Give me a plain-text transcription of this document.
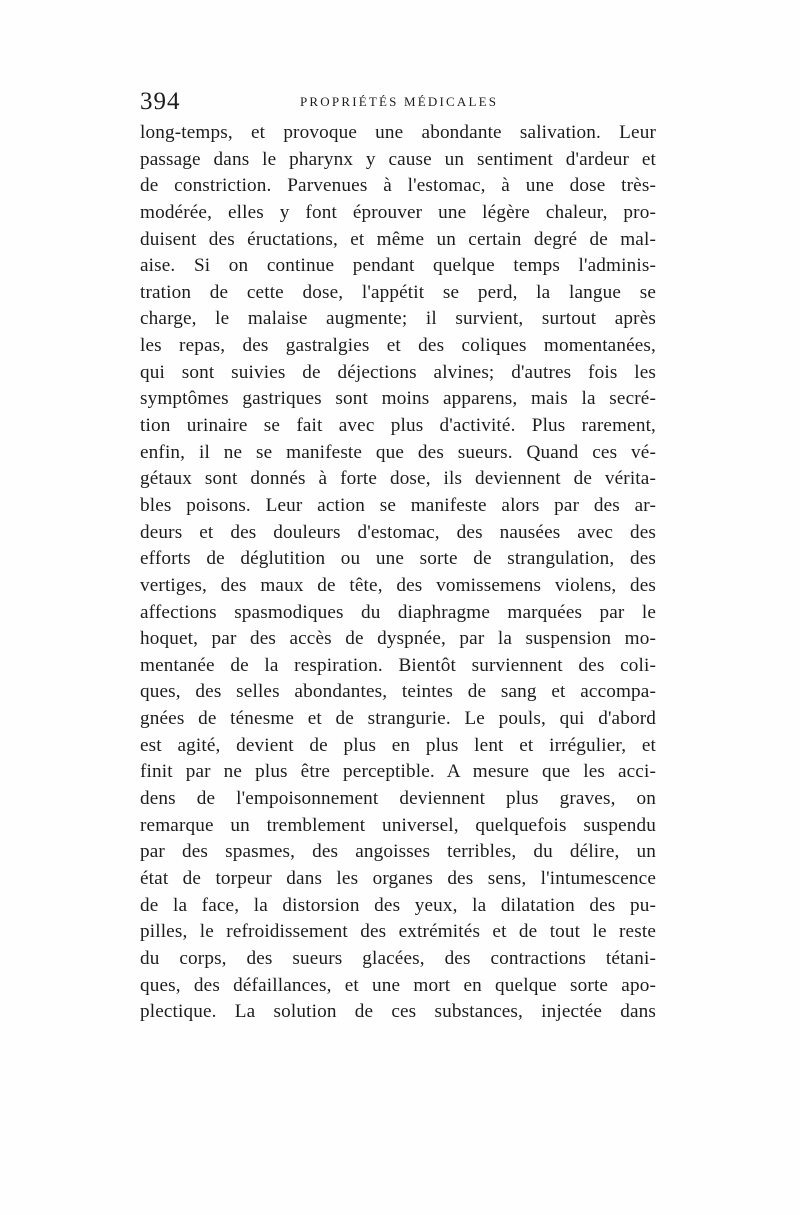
394	PROPRIÉTÉS MÉDICALES
long-temps, et provoque une abondante salivation. Leur
passage dans le pharynx y cause un sentiment d'ardeur et
de constriction. Parvenues à l'estomac, à une dose très-
modérée, elles y font éprouver une légère chaleur, pro-
duisent des éructations, et même un certain degré de mal-
aise. Si on continue pendant quelque temps l'adminis-
tration de cette dose, l'appétit se perd, la langue se
charge, le malaise augmente; il survient, surtout après
les repas, des gastralgies et des coliques momentanées,
qui sont suivies de déjections alvines; d'autres fois les
symptômes gastriques sont moins apparens, mais la secré-
tion urinaire se fait avec plus d'activité. Plus rarement,
enfin, il ne se manifeste que des sueurs. Quand ces vé-
gétaux sont donnés à forte dose, ils deviennent de vérita-
bles poisons. Leur action se manifeste alors par des ar-
deurs et des douleurs d'estomac, des nausées avec des
efforts de déglutition ou une sorte de strangulation, des
vertiges, des maux de tête, des vomissemens violens, des
affections spasmodiques du diaphragme marquées par le
hoquet, par des accès de dyspnée, par la suspension mo-
mentanée de la respiration. Bientôt surviennent des coli-
ques, des selles abondantes, teintes de sang et accompa-
gnées de ténesme et de strangurie. Le pouls, qui d'abord
est agité, devient de plus en plus lent et irrégulier, et
finit par ne plus être perceptible. A mesure que les acci-
dens de l'empoisonnement deviennent plus graves, on
remarque un tremblement universel, quelquefois suspendu
par des spasmes, des angoisses terribles, du délire, un
état de torpeur dans les organes des sens, l'intumescence
de la face, la distorsion des yeux, la dilatation des pu-
pilles, le refroidissement des extrémités et de tout le reste
du corps, des sueurs glacées, des contractions tétani-
ques, des défaillances, et une mort en quelque sorte apo-
plectique. La solution de ces substances, injectée dans
